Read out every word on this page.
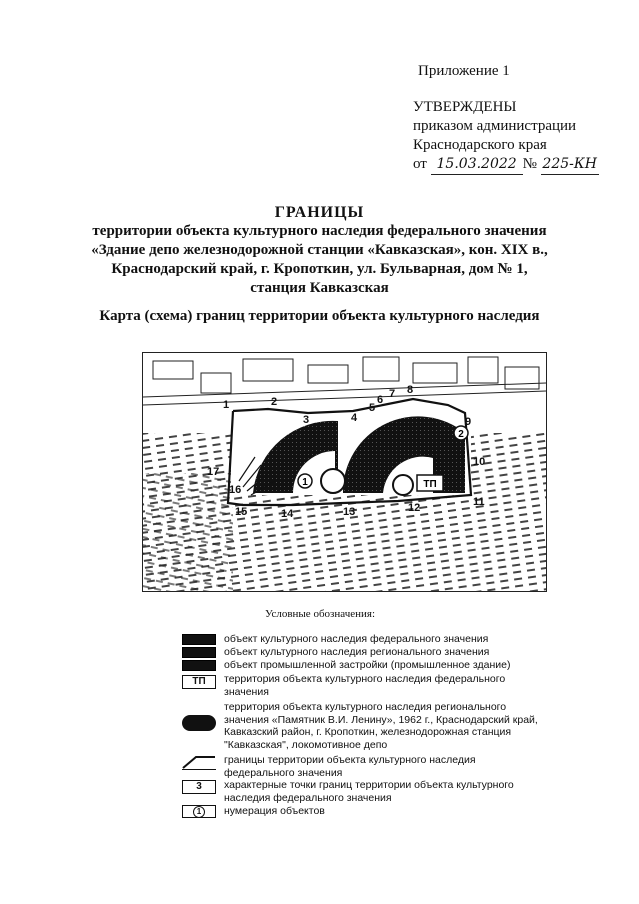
Приложение 1
УТВЕРЖДЕНЫ
приказом администрации
Краснодарского края
от 15.03.2022 № 225-КН
ГРАНИЦЫ
территории объекта культурного наследия федерального значения
«Здание депо железнодорожной станции «Кавказская», кон. XIX в.,
Краснодарский край, г. Кропоткин, ул. Бульварная, дом № 1,
станция Кавказская
Карта (схема) границ территории объекта культурного наследия
ТП
1
2
1	2
3	4
5
6 7 8
9
10
11
12
13
14
15
16
17
Условные обозначения:
объект культурного наследия федерального значения
объект культурного наследия регионального значения
объект промышленной застройки (промышленное здание)
ТП	территория объекта культурного наследия федерального значения
территория объекта культурного наследия регионального значения «Памятник В.И. Ленину», 1962 г., Краснодарский край, Кавказский район, г. Кропоткин, железнодорожная станция "Кавказская", локомотивное депо
границы территории объекта культурного наследия федерального значения
3	характерные точки границ территории объекта культурного наследия федерального значения
1	нумерация объектов
